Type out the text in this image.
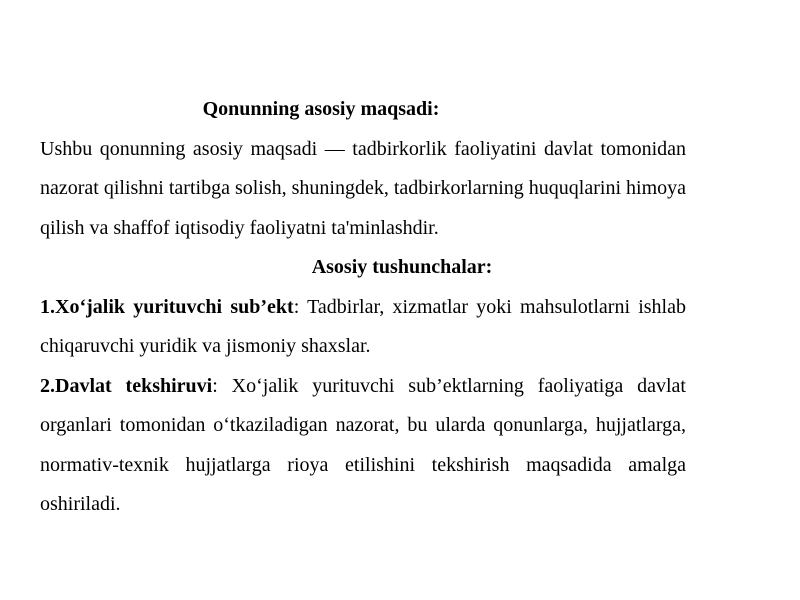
Qonunning asosiy maqsadi:

Ushbu qonunning asosiy maqsadi — tadbirkorlik faoliyatini davlat tomonidan nazorat qilishni tartibga solish, shuningdek, tadbirkorlarning huquqlarini himoya qilish va shaffof iqtisodiy faoliyatni ta'minlashdir.

Asosiy tushunchalar:

1.Xo‘jalik yurituvchi sub’ekt: Tadbirlar, xizmatlar yoki mahsulotlarni ishlab chiqaruvchi yuridik va jismoniy shaxslar.

2.Davlat tekshiruvi: Xo‘jalik yurituvchi sub’ektlarning faoliyatiga davlat organlari tomonidan o‘tkaziladigan nazorat, bu ularda qonunlarga, hujjatlarga, normativ-texnik hujjatlarga rioya etilishini tekshirish maqsadida amalga oshiriladi.
